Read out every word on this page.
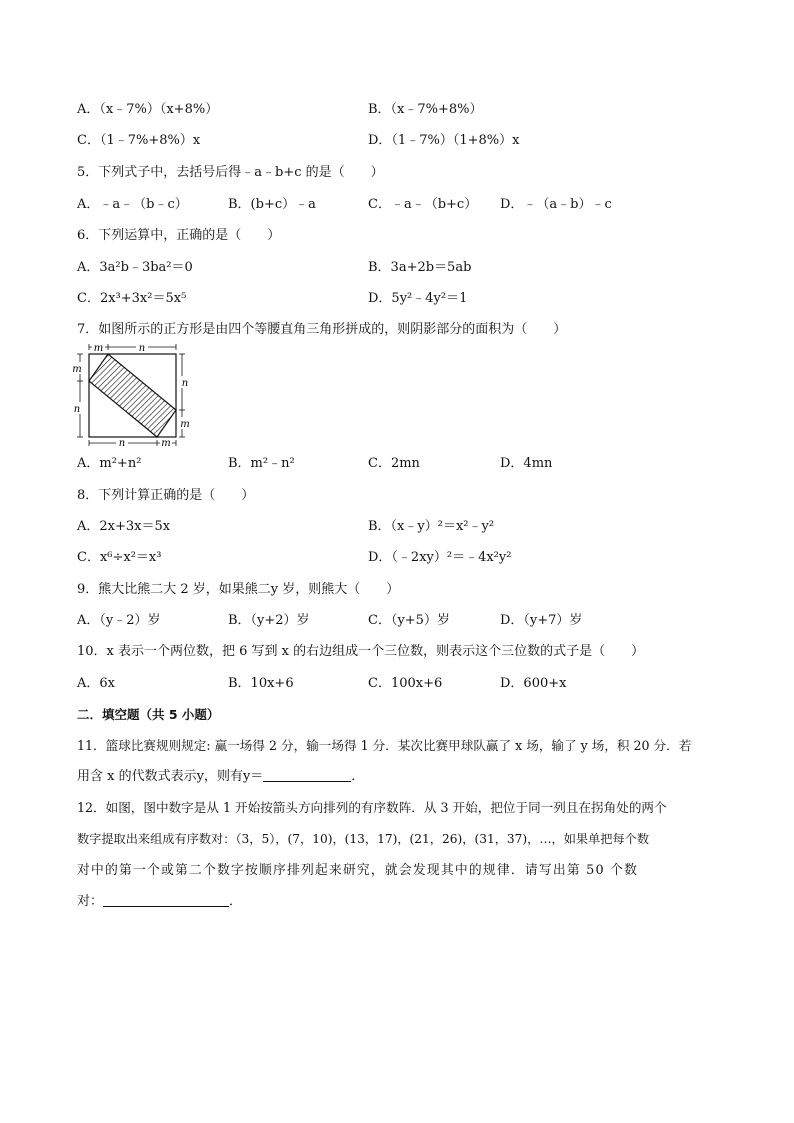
A．（x﹣7%）（x+8%）	B．（x﹣7%+8%）
C．（1﹣7%+8%）x	D．（1﹣7%）（1+8%）x
5．下列式子中，去括号后得﹣a﹣b+c 的是（　　）
A．﹣a﹣（b﹣c）	B．(b+c）﹣a	C．﹣a﹣（b+c） D．﹣（a﹣b）﹣c
6．下列运算中，正确的是（　　）
A．3a²b﹣3ba²＝0	B．3a+2b＝5ab
C．2x³+3x²＝5x⁵	D．5y²﹣4y²＝1
7．如图所示的正方形是由四个等腰直角三角形拼成的，则阴影部分的面积为（　　）
m	n
m
n
n
m
n	m
A．m²+n²	B．m²﹣n²	C．2mn	D．4mn
8．下列计算正确的是（　　）
A．2x+3x＝5x	B．（x﹣y）²＝x²﹣y²
C．x⁶÷x²＝x³	D．（﹣2xy）²＝﹣4x²y²
9．熊大比熊二大 2 岁，如果熊二y 岁，则熊大（　　）
A．（y﹣2）岁	B．（y+2）岁	C．（y+5）岁	D．（y+7）岁
10．x 表示一个两位数，把 6 写到 x 的右边组成一个三位数，则表示这个三位数的式子是（　　）
A．6x	B．10x+6	C．100x+6	D．600+x
二．填空题（共 5 小题）
11．篮球比赛规则规定: 赢一场得 2 分，输一场得 1 分．某次比赛甲球队赢了 x 场，输了 y 场，积 20 分．若
用含 x 的代数式表示y，则有y＝	．
12．如图，图中数字是从 1 开始按箭头方向排列的有序数阵．从 3 开始，把位于同一列且在拐角处的两个
数字提取出来组成有序数对：（3，5），(7，10)，(13，17)，(21，26)，(31，37)，…，如果单把每个数
对中的第一个或第二个数字按顺序排列起来研究，就会发现其中的规律．请写出第 50 个数
对：	．
